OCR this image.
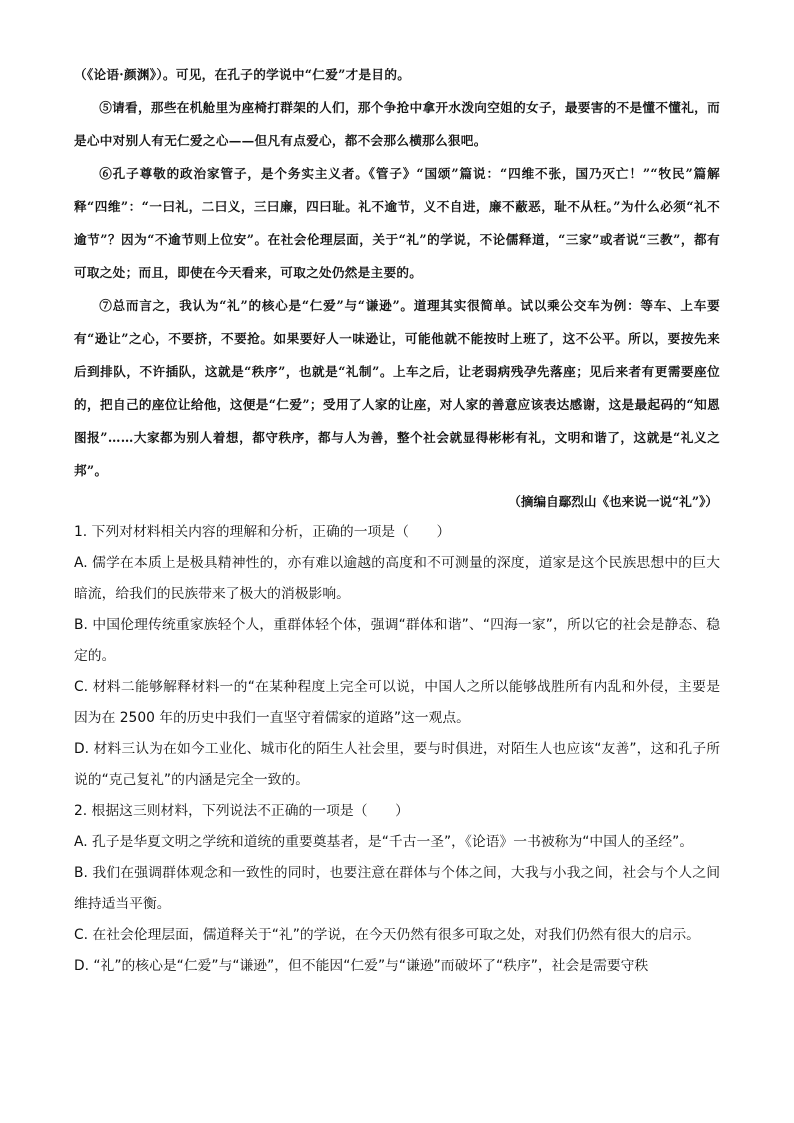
（《论语·颜渊》）。可见，在孔子的学说中“仁爱”才是目的。

⑤请看，那些在机舱里为座椅打群架的人们，那个争抢中拿开水泼向空姐的女子，最要害的不是懂不懂礼，而是心中对别人有无仁爱之心——但凡有点爱心，都不会那么横那么狠吧。

⑥孔子尊敬的政治家管子，是个务实主义者。《管子》“国颂”篇说：“四维不张，国乃灭亡！”“牧民”篇解释“四维”：“一曰礼，二曰义，三曰廉，四曰耻。礼不逾节，义不自进，廉不蔽恶，耻不从枉。”为什么必须“礼不逾节”？因为“不逾节则上位安”。在社会伦理层面，关于“礼”的学说，不论儒释道，“三家”或者说“三教”，都有可取之处；而且，即使在今天看来，可取之处仍然是主要的。

⑦总而言之，我认为“礼”的核心是“仁爱”与“谦逊”。道理其实很简单。试以乘公交车为例：等车、上车要有“逊让”之心，不要挤，不要抢。如果要好人一味逊让，可能他就不能按时上班了，这不公平。所以，要按先来后到排队，不许插队，这就是“秩序”，也就是“礼制”。上车之后，让老弱病残孕先落座；见后来者有更需要座位的，把自己的座位让给他，这便是“仁爱”；受用了人家的让座，对人家的善意应该表达感谢，这是最起码的“知恩图报”……大家都为别人着想，都守秩序，都与人为善，整个社会就显得彬彬有礼，文明和谐了，这就是“礼义之邦”。

（摘编自鄢烈山《也来说一说“礼”》）

1. 下列对材料相关内容的理解和分析，正确的一项是（　　）

A. 儒学在本质上是极具精神性的，亦有难以逾越的高度和不可测量的深度，道家是这个民族思想中的巨大暗流，给我们的民族带来了极大的消极影响。

B. 中国伦理传统重家族轻个人，重群体轻个体，强调“群体和谐”、“四海一家”，所以它的社会是静态、稳定的。

C. 材料二能够解释材料一的“在某种程度上完全可以说，中国人之所以能够战胜所有内乱和外侵，主要是因为在 2500 年的历史中我们一直坚守着儒家的道路”这一观点。

D. 材料三认为在如今工业化、城市化的陌生人社会里，要与时俱进，对陌生人也应该“友善”，这和孔子所说的“克己复礼”的内涵是完全一致的。

2. 根据这三则材料，下列说法不正确的一项是（　　）

A. 孔子是华夏文明之学统和道统的重要奠基者，是“千古一圣”，《论语》一书被称为“中国人的圣经”。

B. 我们在强调群体观念和一致性的同时，也要注意在群体与个体之间，大我与小我之间，社会与个人之间维持适当平衡。

C. 在社会伦理层面，儒道释关于“礼”的学说，在今天仍然有很多可取之处，对我们仍然有很大的启示。

D. “礼”的核心是“仁爱”与“谦逊”，但不能因“仁爱”与“谦逊”而破坏了“秩序”，社会是需要守秩
